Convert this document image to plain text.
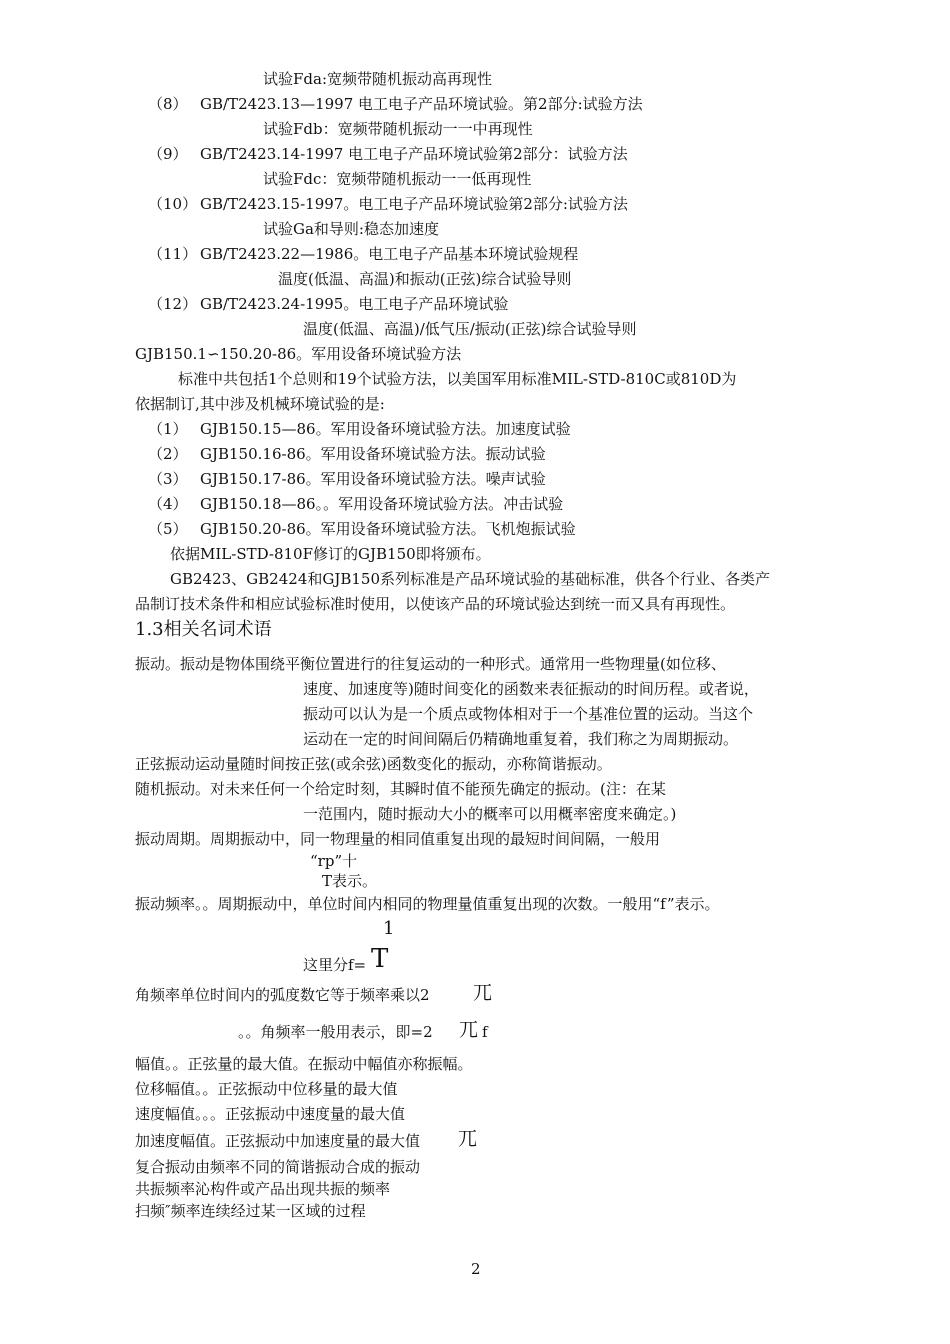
试验Fda:宽频带随机振动高再现性
（8） GB/T2423.13—1997 电工电子产品环境试验。第2部分:试验方法
试验Fdb：宽频带随机振动一一中再现性
（9） GB/T2423.14-1997 电工电子产品环境试验第2部分：试验方法
试验Fdc：宽频带随机振动一一低再现性
（10） GB/T2423.15-1997。电工电子产品环境试验第2部分:试验方法
试验Ga和导则:稳态加速度
（11） GB/T2423.22—1986。电工电子产品基本环境试验规程
温度(低温、高温)和振动(正弦)综合试验导则
（12） GB/T2423.24-1995。电工电子产品环境试验
温度(低温、高温)/低气压/振动(正弦)综合试验导则
GJB150.1∽150.20-86。军用设备环境试验方法
标准中共包括1个总则和19个试验方法，以美国军用标准MIL-STD-810C或810D为
依据制订,其中涉及机械环境试验的是:
（1） GJB150.15—86。军用设备环境试验方法。加速度试验
（2） GJB150.16-86。军用设备环境试验方法。振动试验
（3） GJB150.17-86。军用设备环境试验方法。噪声试验
（4） GJB150.18—86。。军用设备环境试验方法。冲击试验
（5） GJB150.20-86。军用设备环境试验方法。飞机炮振试验
依据MIL-STD-810F修订的GJB150即将颁布。
GB2423、GB2424和GJB150系列标准是产品环境试验的基础标准，供各个行业、各类产
品制订技术条件和相应试验标准时使用，以使该产品的环境试验达到统一而又具有再现性。
1.3相关名词术语
振动。振动是物体围绕平衡位置进行的往复运动的一种形式。通常用一些物理量(如位移、
速度、加速度等)随时间变化的函数来表征振动的时间历程。或者说，
振动可以认为是一个质点或物体相对于一个基准位置的运动。当这个
运动在一定的时间间隔后仍精确地重复着，我们称之为周期振动。
正弦振动运动量随时间按正弦(或余弦)函数变化的振动，亦称简谐振动。
随机振动。对未来任何一个给定时刻，其瞬时值不能预先确定的振动。(注：在某
一范围内，随时振动大小的概率可以用概率密度来确定。)
振动周期。周期振动中，同一物理量的相同值重复出现的最短时间间隔，一般用
“rp”十
T表示。
振动频率。。周期振动中，单位时间内相同的物理量值重复出现的次数。一般用“f”表示。
1
这里分f= T
角频率单位时间内的弧度数它等于频率乘以2 兀
。。角频率一般用表示，即=2 兀 f
幅值。。正弦量的最大值。在振动中幅值亦称振幅。
位移幅值。。正弦振动中位移量的最大值
速度幅值。。。正弦振动中速度量的最大值
加速度幅值。正弦振动中加速度量的最大值 兀
复合振动由频率不同的简谐振动合成的振动
共振频率沁构件或产品出现共振的频率
扫频″频率连续经过某一区域的过程
2
